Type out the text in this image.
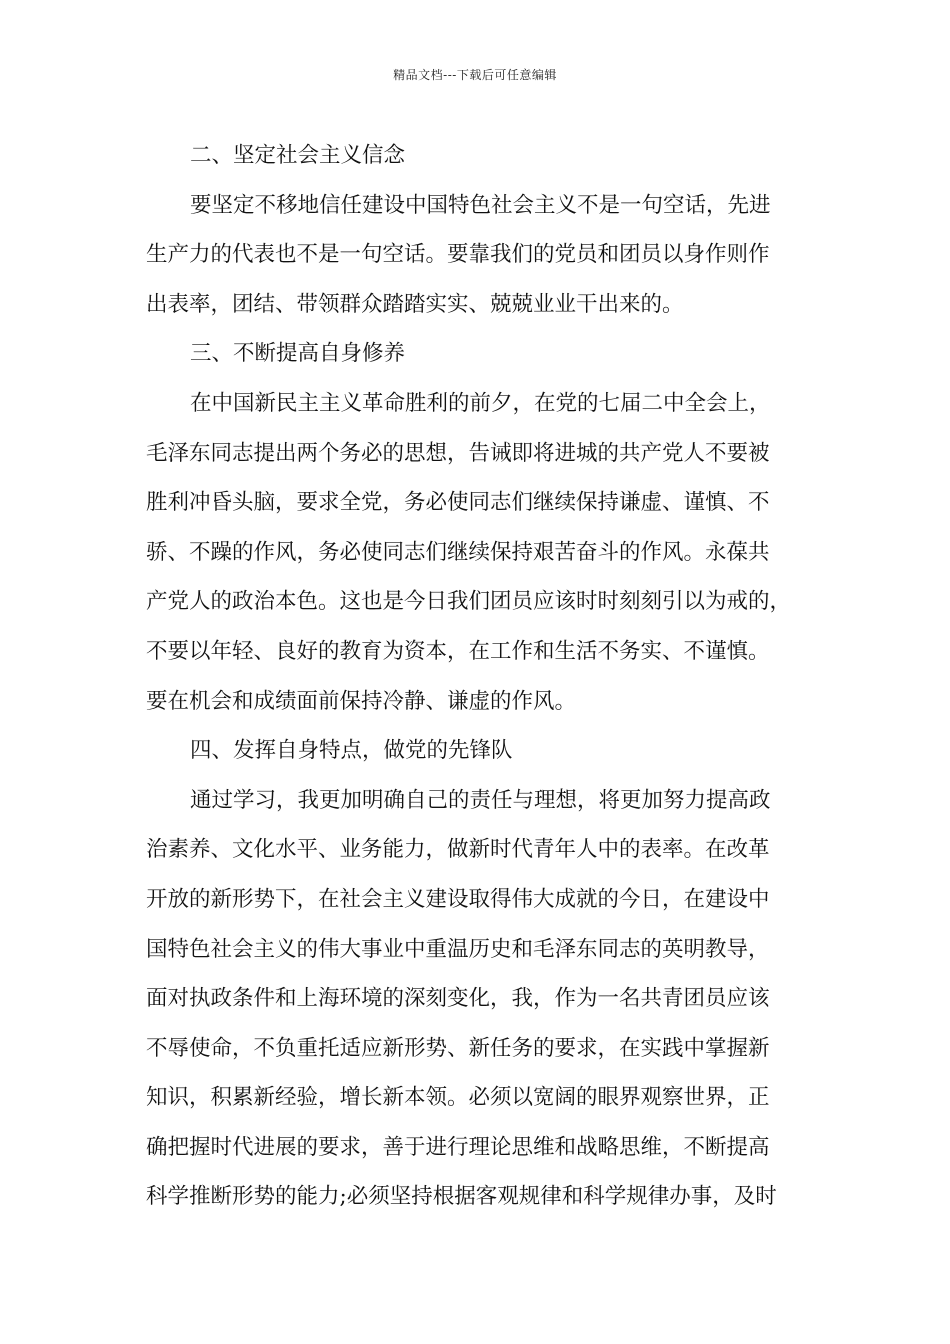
精品文档---下载后可任意编辑
二、坚定社会主义信念
要坚定不移地信任建设中国特色社会主义不是一句空话，先进
生产力的代表也不是一句空话。要靠我们的党员和团员以身作则作
出表率，团结、带领群众踏踏实实、兢兢业业干出来的。
三、不断提高自身修养
在中国新民主主义革命胜利的前夕，在党的七届二中全会上，
毛泽东同志提出两个务必的思想，告诫即将进城的共产党人不要被
胜利冲昏头脑，要求全党，务必使同志们继续保持谦虚、谨慎、不
骄、不躁的作风，务必使同志们继续保持艰苦奋斗的作风。永葆共
产党人的政治本色。这也是今日我们团员应该时时刻刻引以为戒的，
不要以年轻、良好的教育为资本，在工作和生活不务实、不谨慎。
要在机会和成绩面前保持冷静、谦虚的作风。
四、发挥自身特点，做党的先锋队
通过学习，我更加明确自己的责任与理想，将更加努力提高政
治素养、文化水平、业务能力，做新时代青年人中的表率。在改革
开放的新形势下，在社会主义建设取得伟大成就的今日，在建设中
国特色社会主义的伟大事业中重温历史和毛泽东同志的英明教导，
面对执政条件和上海环境的深刻变化，我，作为一名共青团员应该
不辱使命，不负重托适应新形势、新任务的要求，在实践中掌握新
知识，积累新经验，增长新本领。必须以宽阔的眼界观察世界，正
确把握时代进展的要求，善于进行理论思维和战略思维，不断提高
科学推断形势的能力;必须坚持根据客观规律和科学规律办事，及时
